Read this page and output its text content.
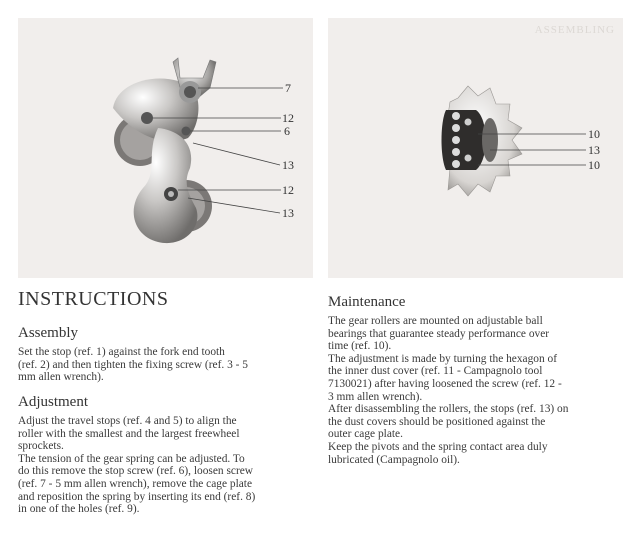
7
12
6
13
12
13
ASSEMBLING
10
13
10
INSTRUCTIONS
Assembly

Set the stop (ref. 1) against the fork end tooth

(ref. 2) and then tighten the fixing screw (ref. 3 - 5

mm allen wrench).

Adjustment

Adjust the travel stops (ref. 4 and 5) to align the

roller with the smallest and the largest freewheel

sprockets.

The tension of the gear spring can be adjusted. To

do this remove the stop screw (ref. 6), loosen screw

(ref. 7 - 5 mm allen wrench), remove the cage plate

and reposition the spring by inserting its end (ref. 8)

in one of the holes (ref. 9).

Maintenance

The gear rollers are mounted on adjustable ball

bearings that guarantee steady performance over

time (ref. 10).

The adjustment is made by turning the hexagon of

the inner dust cover (ref. 11 - Campagnolo tool

7130021) after having loosened the screw (ref. 12 -

3 mm allen wrench).

After disassembling the rollers, the stops (ref. 13) on

the dust covers should be positioned against the

outer cage plate.

Keep the pivots and the spring contact area duly

lubricated (Campagnolo oil).
